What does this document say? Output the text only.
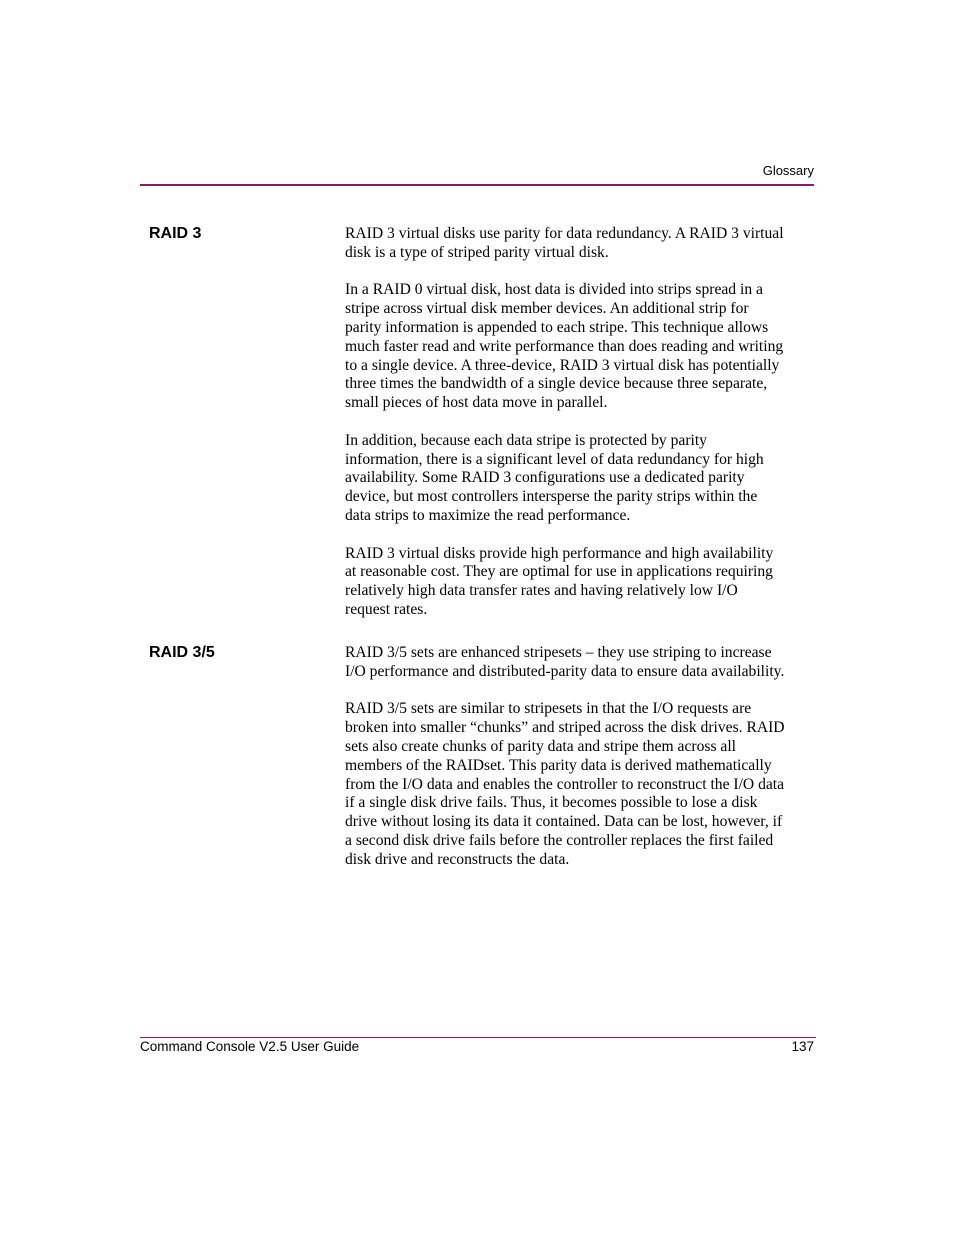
Glossary
RAID 3	RAID 3 virtual disks use parity for data redundancy. A RAID 3 virtual disk is a type of striped parity virtual disk.

In a RAID 0 virtual disk, host data is divided into strips spread in a stripe across virtual disk member devices. An additional strip for parity information is appended to each stripe. This technique allows much faster read and write performance than does reading and writing to a single device. A three-device, RAID 3 virtual disk has potentially three times the bandwidth of a single device because three separate, small pieces of host data move in parallel.

In addition, because each data stripe is protected by parity information, there is a significant level of data redundancy for high availability. Some RAID 3 configurations use a dedicated parity device, but most controllers intersperse the parity strips within the data strips to maximize the read performance.

RAID 3 virtual disks provide high performance and high availability at reasonable cost. They are optimal for use in applications requiring relatively high data transfer rates and having relatively low I/O request rates.

RAID 3/5	RAID 3/5 sets are enhanced stripesets – they use striping to increase I/O performance and distributed-parity data to ensure data availability.

RAID 3/5 sets are similar to stripesets in that the I/O requests are broken into smaller “chunks” and striped across the disk drives. RAID sets also create chunks of parity data and stripe them across all members of the RAIDset. This parity data is derived mathematically from the I/O data and enables the controller to reconstruct the I/O data if a single disk drive fails. Thus, it becomes possible to lose a disk drive without losing its data it contained. Data can be lost, however, if a second disk drive fails before the controller replaces the first failed disk drive and reconstructs the data.

Command Console V2.5 User Guide	137
